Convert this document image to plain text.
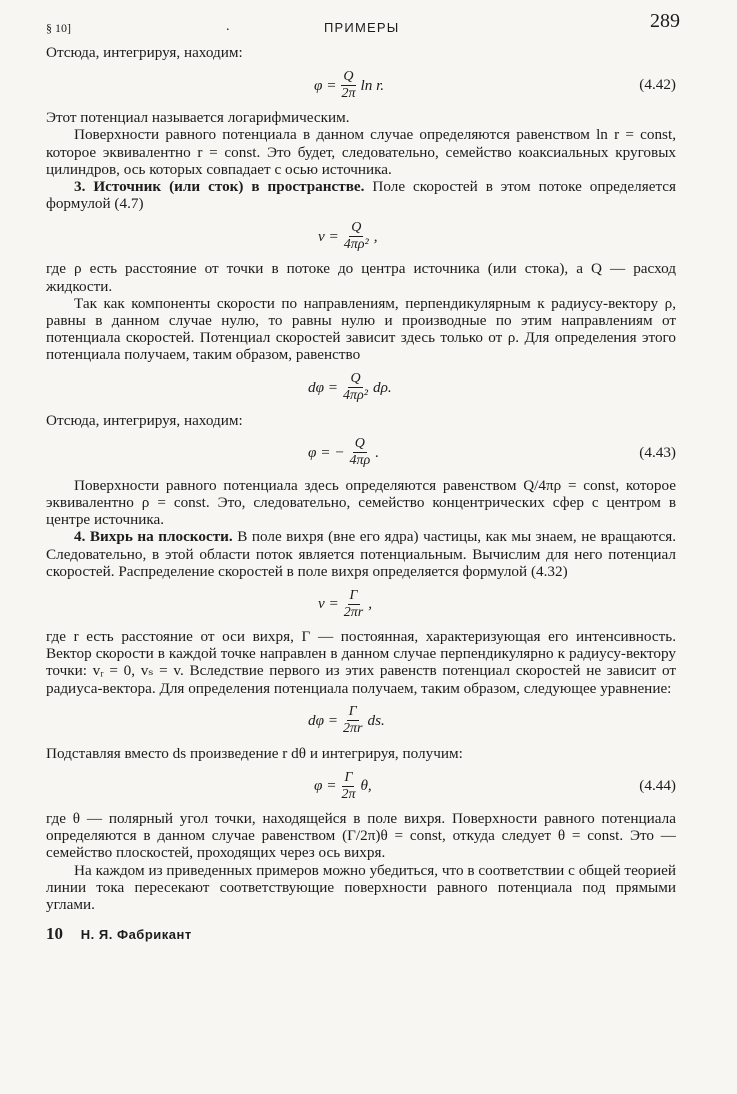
§ 10]	.	ПРИМЕРЫ	289

Отсюда, интегрируя, находим:

$\varphi = \frac{Q}{2\pi}$ ln r.	(4.42)

Этот потенциал называется логарифмическим.

Поверхности равного потенциала в данном случае определяются равенством ln r = const, которое эквивалентно r = const. Это будет, следовательно, семейство коаксиальных круговых цилиндров, ось которых совпадает с осью источника.

3. Источник (или сток) в пространстве. Поле скоростей в этом потоке определяется формулой (4.7)

$v = \frac{Q}{\text{4πρ²}}$ ,

где ρ есть расстояние от точки в потоке до центра источника (или стока), а Q — расход жидкости.

Так как компоненты скорости по направлениям, перпендикулярным к радиусу-вектору ρ, равны в данном случае нулю, то равны нулю и производные по этим направлениям от потенциала скоростей. Потенциал скоростей зависит здесь только от ρ. Для определения этого потенциала получаем, таким образом, равенство

$d\varphi = \frac{Q}{\text{4πρ²}} d\rho$.

Отсюда, интегрируя, находим:

φ = − $\frac{Q}{4\pi\rho}$ .	(4.43)

Поверхности равного потенциала здесь определяются равенством Q/4πρ = const, которое эквивалентно ρ = const. Это, следовательно, семейство концентрических сфер с центром в центре источника.

4. Вихрь на плоскости. В поле вихря (вне его ядра) частицы, как мы знаем, не вращаются. Следовательно, в этой области поток является потенциальным. Вычислим для него потенциал скоростей. Распределение скоростей в поле вихря определяется формулой (4.32)

$v = \frac{\Gamma}{2\pi r}$ ,

где r есть расстояние от оси вихря, Γ — постоянная, характеризующая его интенсивность. Вектор скорости в каждой точке направлен в данном случае перпендикулярно к радиусу-вектору точки: vᵣ = 0, vₛ = v. Вследствие первого из этих равенств потенциал скоростей не зависит от радиуса-вектора. Для определения потенциала получаем, таким образом, следующее уравнение:

$d\varphi = \frac{\Gamma}{2\pi r}$ ds.

Подставляя вместо ds произведение r dθ и интегрируя, получим:

$\varphi = \frac{\Gamma}{2\pi} \theta$,	(4.44)

где θ — полярный угол точки, находящейся в поле вихря. Поверхности равного потенциала определяются в данном случае равенством (Γ/2π)θ = const, откуда следует θ = const. Это — семейство плоскостей, проходящих через ось вихря.

На каждом из приведенных примеров можно убедиться, что в соответствии с общей теорией линии тока пересекают соответствующие поверхности равного потенциала под прямыми углами.

10 Н. Я. Фабрикант
